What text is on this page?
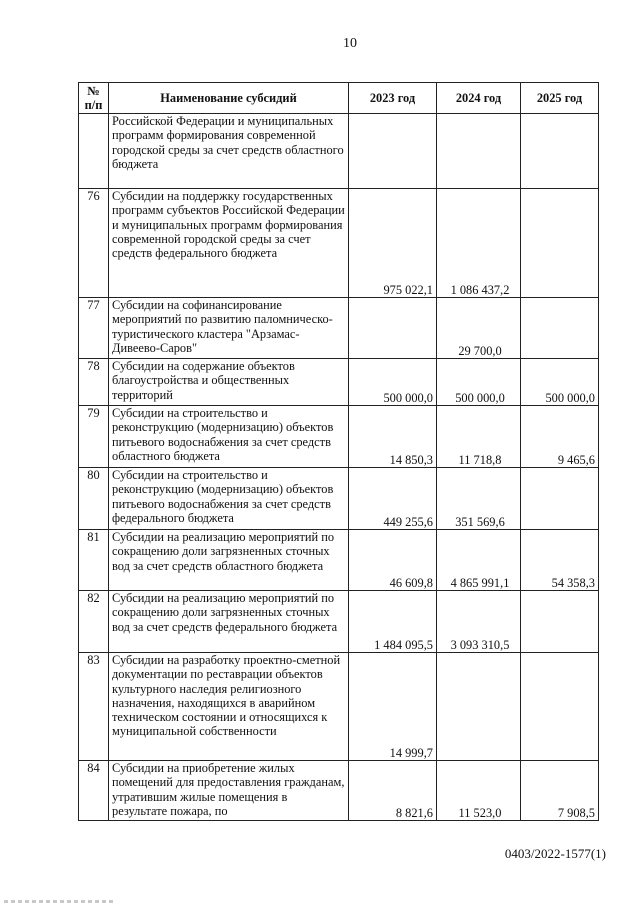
10
№ п/п	Наименование субсидий	2023 год	2024 год	2025 год
	Российской Федерации и муниципальных программ формирования современной городской среды за счет средств областного бюджета			
76	Субсидии на поддержку государственных программ субъектов Российской Федерации и муниципальных программ формирования современной городской среды за счет средств федерального бюджета	975 022,1	1 086 437,2	
77	Субсидии на софинансирование мероприятий по развитию паломническо-туристического кластера "Арзамас-Дивеево-Саров"		29 700,0	
78	Субсидии на содержание объектов благоустройства и общественных территорий	500 000,0	500 000,0	500 000,0
79	Субсидии на строительство и реконструкцию (модернизацию) объектов питьевого водоснабжения за счет средств областного бюджета	14 850,3	11 718,8	9 465,6
80	Субсидии на строительство и реконструкцию (модернизацию) объектов питьевого водоснабжения за счет средств федерального бюджета	449 255,6	351 569,6	
81	Субсидии на реализацию мероприятий по сокращению доли загрязненных сточных вод за счет средств областного бюджета	46 609,8	4 865 991,1	54 358,3
82	Субсидии на реализацию мероприятий по сокращению доли загрязненных сточных вод за счет средств федерального бюджета	1 484 095,5	3 093 310,5	
83	Субсидии на разработку проектно-сметной документации по реставрации объектов культурного наследия религиозного назначения, находящихся в аварийном техническом состоянии и относящихся к муниципальной собственности	14 999,7		
84	Субсидии на приобретение жилых помещений для предоставления гражданам, утратившим жилые помещения в результате пожара, по	8 821,6	11 523,0	7 908,5
0403/2022-1577(1)
